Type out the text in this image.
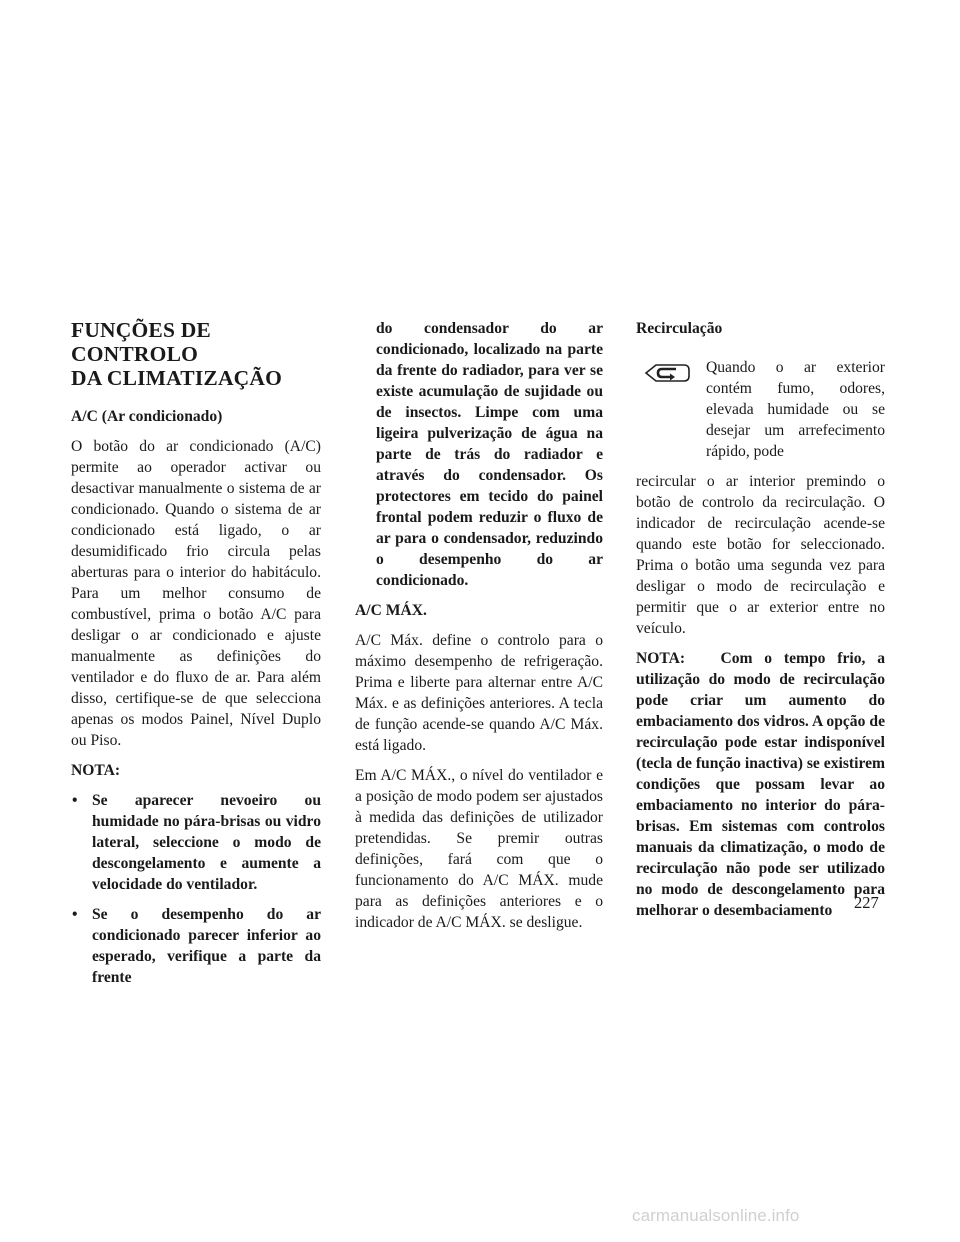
FUNÇÕES DE CONTROLO
DA CLIMATIZAÇÃO
A/C (Ar condicionado)

O botão do ar condicionado (A/C) permite ao operador activar ou desactivar manualmente o sistema de ar condicionado. Quando o sistema de ar condicionado está ligado, o ar desumidificado frio circula pelas aberturas para o interior do habitáculo. Para um melhor consumo de combustível, prima o botão A/C para desligar o ar condicionado e ajuste manualmente as definições do ventilador e do fluxo de ar. Para além disso, certifique-se de que selecciona apenas os modos Painel, Nível Duplo ou Piso.

NOTA:
• Se aparecer nevoeiro ou humidade no pára-brisas ou vidro lateral, seleccione o modo de descongelamento e aumente a velocidade do ventilador.
• Se o desempenho do ar condicionado parecer inferior ao esperado, verifique a parte da frente
do condensador do ar condicionado, localizado na parte da frente do radiador, para ver se existe acumulação de sujidade ou de insectos. Limpe com uma ligeira pulverização de água na parte de trás do radiador e através do condensador. Os protectores em tecido do painel frontal podem reduzir o fluxo de ar para o condensador, reduzindo o desempenho do ar condicionado.
A/C MÁX.

A/C Máx. define o controlo para o máximo desempenho de refrigeração. Prima e liberte para alternar entre A/C Máx. e as definições anteriores. A tecla de função acende-se quando A/C Máx. está ligado.

Em A/C MÁX., o nível do ventilador e a posição de modo podem ser ajustados à medida das definições de utilizador pretendidas. Se premir outras definições, fará com que o funcionamento do A/C MÁX. mude para as definições anteriores e o indicador de A/C MÁX. se desligue.

Recirculação

Quando o ar exterior contém fumo, odores, elevada humidade ou se desejar um arrefecimento rápido, pode

recircular o ar interior premindo o botão de controlo da recirculação. O indicador de recirculação acende-se quando este botão for seleccionado. Prima o botão uma segunda vez para desligar o modo de recirculação e permitir que o ar exterior entre no veículo.

NOTA: Com o tempo frio, a utilização do modo de recirculação pode criar um aumento do embaciamento dos vidros. A opção de recirculação pode estar indisponível (tecla de função inactiva) se existirem condições que possam levar ao embaciamento no interior do pára-brisas. Em sistemas com controlos manuais da climatização, o modo de recirculação não pode ser utilizado no modo de descongelamento para melhorar o desembaciamento	227
carmanualsonline.info
